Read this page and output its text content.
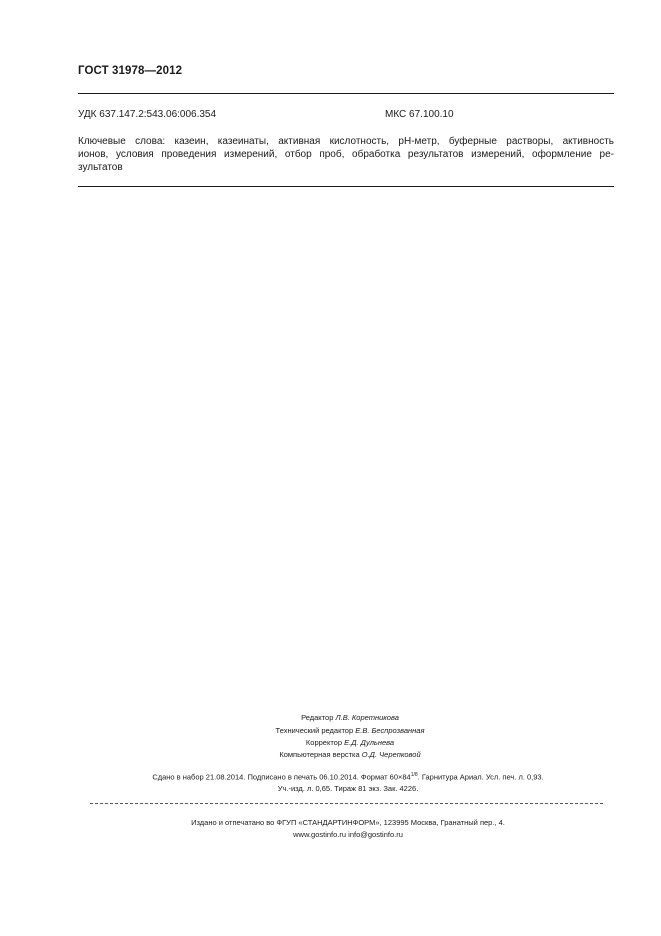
ГОСТ 31978—2012
УДК 637.147.2:543.06:006.354	МКС 67.100.10
Ключевые слова: казеин, казеинаты, активная кислотность, pH-метр, буферные растворы, активность
ионов, условия проведения измерений, отбор проб, обработка результатов измерений, оформление ре-
зультатов
Редактор Л.В. Коретникова
Технический редактор Е.В. Беспрозванная
Корректор Е.Д. Дульнева
Компьютерная верстка О.Д. Черепковой
Сдано в набор 21.08.2014. Подписано в печать 06.10.2014. Формат $60\times 84^{1/8}$. Гарнитура Ариал. Усл. печ. л. 0,93.
Уч.-изд. л. 0,65. Тираж 81 экз. Зак. 4226.
Издано и отпечатано во ФГУП «СТАНДАРТИНФОРМ», 123995 Москва, Гранатный пер., 4.
www.gostinfo.ru info@gostinfo.ru
